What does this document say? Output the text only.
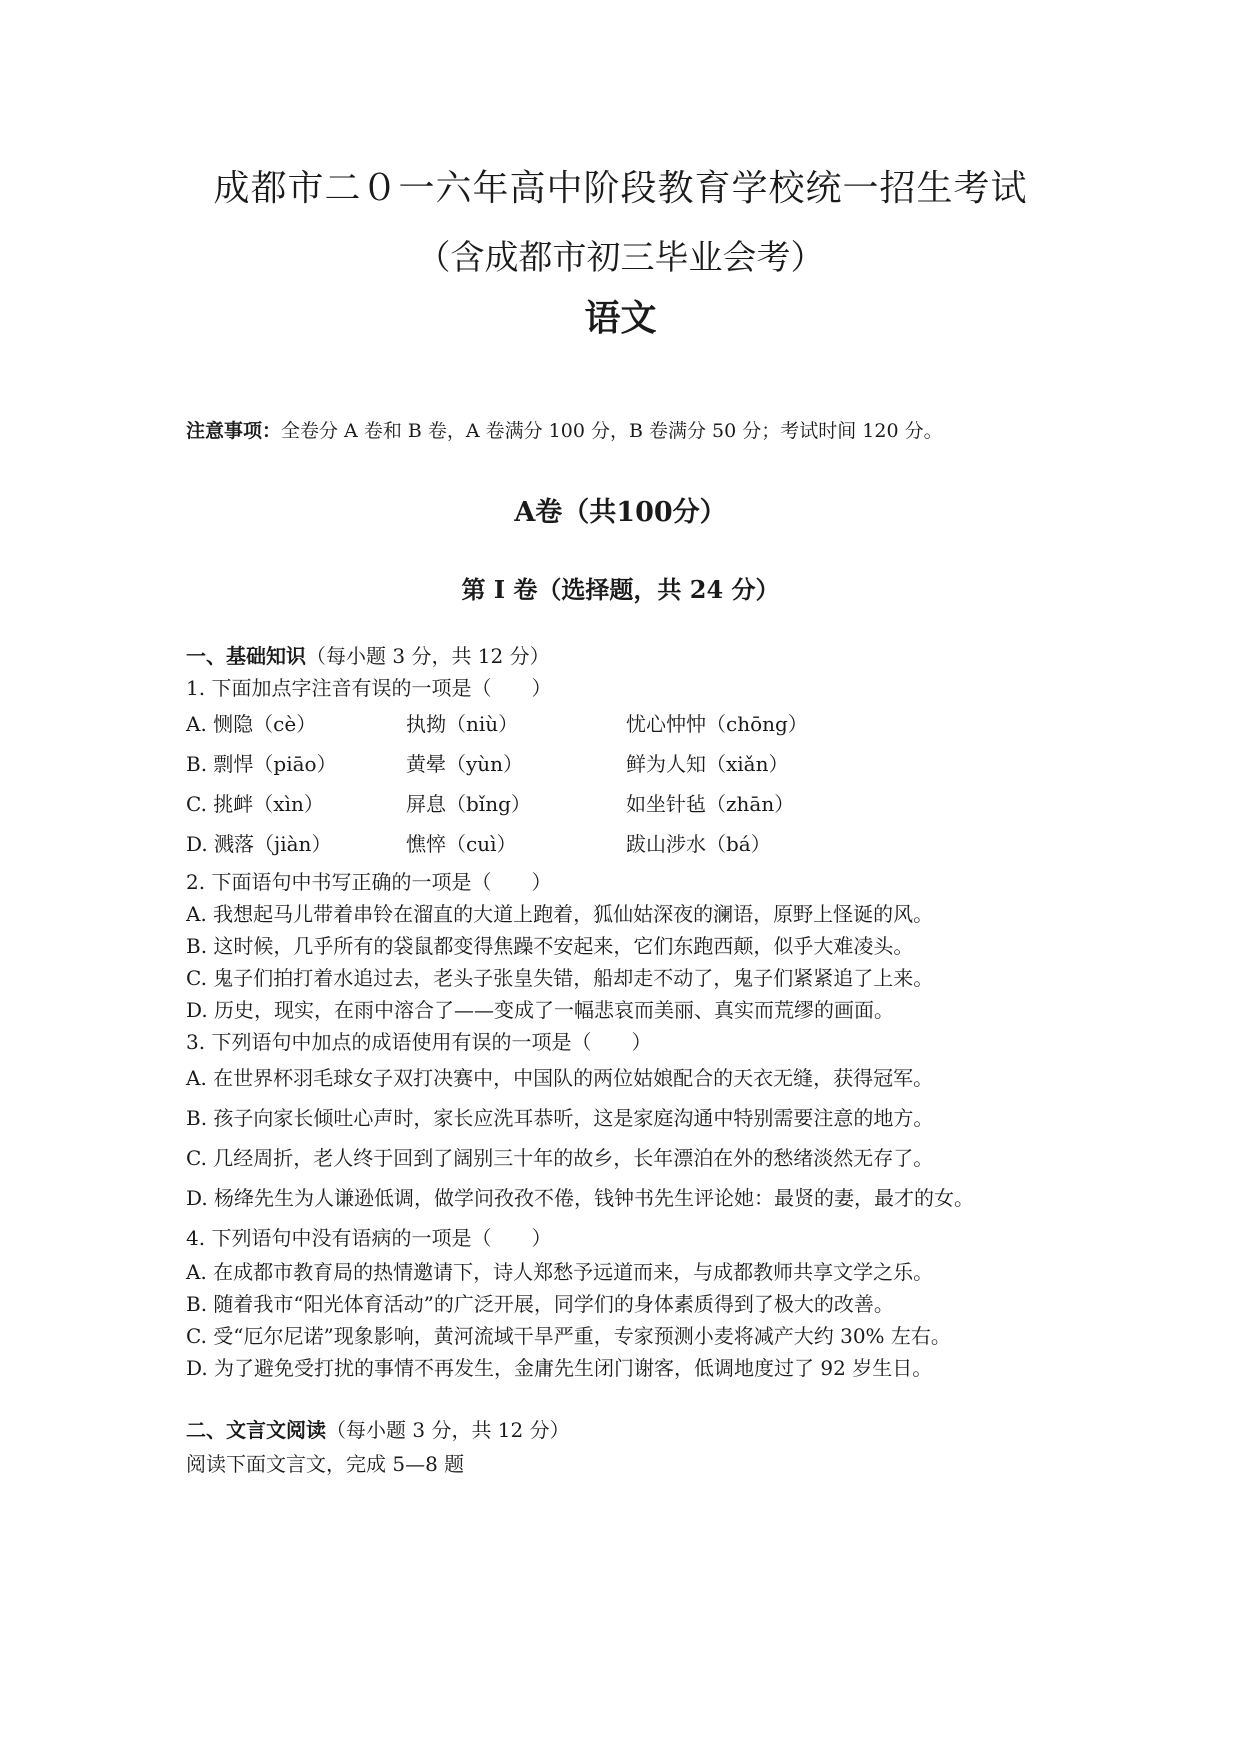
成都市二０一六年高中阶段教育学校统一招生考试
（含成都市初三毕业会考）
语文
注意事项：全卷分 A 卷和 B 卷，A 卷满分 100 分，B 卷满分 50 分；考试时间 120 分。
A卷（共100分）
第 I 卷（选择题，共 24 分）
一、基础知识（每小题 3 分，共 12 分）
1. 下面加点字注音有误的一项是（　　）
A. 恻隐（cè）	执拗（niù）	忧心忡忡（chōng）
B. 剽悍（piāo）	黄晕（yùn）	鲜为人知（xiǎn）
C. 挑衅（xìn）	屏息（bǐng）	如坐针毡（zhān）
D. 溅落（jiàn）	憔悴（cuì）	跋山涉水（bá）
2. 下面语句中书写正确的一项是（　　）
A. 我想起马儿带着串铃在溜直的大道上跑着，狐仙姑深夜的澜语，原野上怪诞的风。
B. 这时候，几乎所有的袋鼠都变得焦躁不安起来，它们东跑西颠，似乎大难凌头。
C. 鬼子们拍打着水追过去，老头子张皇失错，船却走不动了，鬼子们紧紧追了上来。
D. 历史，现实，在雨中溶合了——变成了一幅悲哀而美丽、真实而荒缪的画面。
3. 下列语句中加点的成语使用有误的一项是（　　）
A. 在世界杯羽毛球女子双打决赛中，中国队的两位姑娘配合的天衣无缝，获得冠军。
B. 孩子向家长倾吐心声时，家长应洗耳恭听，这是家庭沟通中特别需要注意的地方。
C. 几经周折，老人终于回到了阔别三十年的故乡，长年漂泊在外的愁绪淡然无存了。
D. 杨绛先生为人谦逊低调，做学问孜孜不倦，钱钟书先生评论她：最贤的妻，最才的女。
4. 下列语句中没有语病的一项是（　　）
A. 在成都市教育局的热情邀请下，诗人郑愁予远道而来，与成都教师共享文学之乐。
B. 随着我市“阳光体育活动”的广泛开展，同学们的身体素质得到了极大的改善。
C. 受“厄尔尼诺”现象影响，黄河流域干旱严重，专家预测小麦将减产大约 30% 左右。
D. 为了避免受打扰的事情不再发生，金庸先生闭门谢客，低调地度过了 92 岁生日。
二、文言文阅读（每小题 3 分，共 12 分）
阅读下面文言文，完成 5—8 题
